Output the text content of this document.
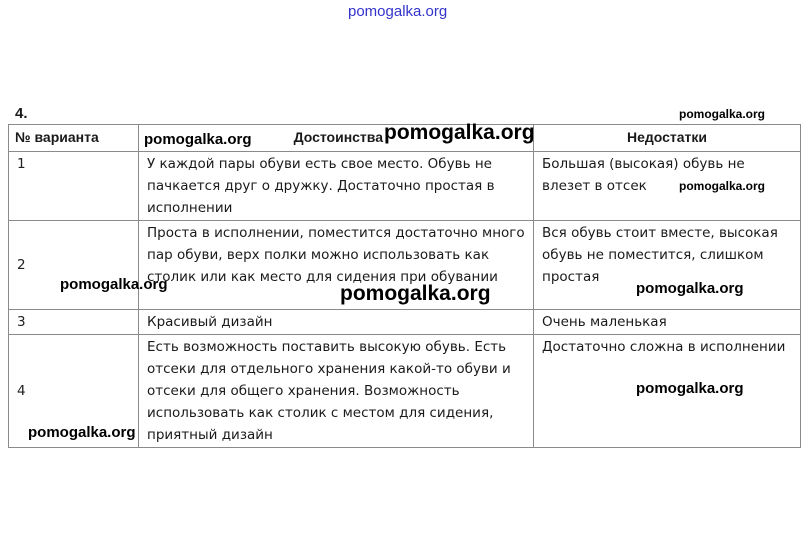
pomogalka.org
4.
№ варианта	Достоинства	Недостатки
1	У каждой пары обуви есть свое место. Обувь не пачкается друг о дружку. Достаточно простая в исполнении	Большая (высокая) обувь не влезет в отсек
2	Проста в исполнении, поместится достаточно много пар обуви, верх полки можно использовать как столик или как место для сидения при обувании	Вся обувь стоит вместе, высокая обувь не поместится, слишком простая
3	Красивый дизайн	Очень маленькая
4	Есть возможность поставить высокую обувь. Есть отсеки для отдельного хранения какой-то обуви и отсеки для общего хранения. Возможность использовать как столик с местом для сидения, приятный дизайн	Достаточно сложна в исполнении
pomogalka.org
pomogalka.org	pomogalka.org
pomogalka.org
pomogalka.org	pomogalka.org	pomogalka.org
pomogalka.org
pomogalka.org
